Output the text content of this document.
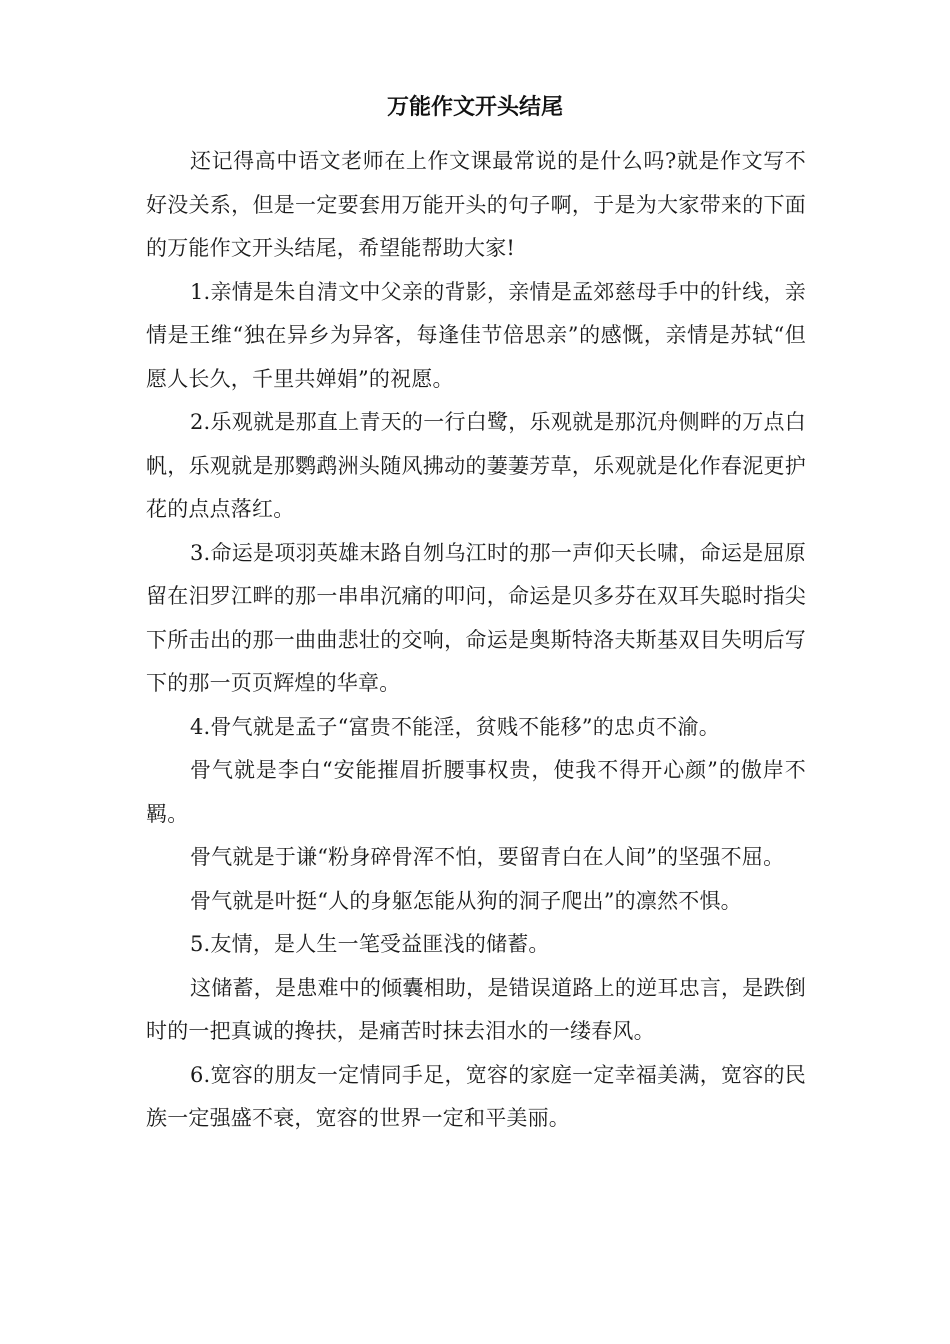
万能作文开头结尾

还记得高中语文老师在上作文课最常说的是什么吗?就是作文写不好没关系，但是一定要套用万能开头的句子啊，于是为大家带来的下面的万能作文开头结尾，希望能帮助大家!

1.亲情是朱自清文中父亲的背影，亲情是孟郊慈母手中的针线，亲情是王维“独在异乡为异客，每逢佳节倍思亲”的感慨，亲情是苏轼“但愿人长久，千里共婵娟”的祝愿。

2.乐观就是那直上青天的一行白鹭，乐观就是那沉舟侧畔的万点白帆，乐观就是那鹦鹉洲头随风拂动的萋萋芳草，乐观就是化作春泥更护花的点点落红。

3.命运是项羽英雄末路自刎乌江时的那一声仰天长啸，命运是屈原留在汨罗江畔的那一串串沉痛的叩问，命运是贝多芬在双耳失聪时指尖下所击出的那一曲曲悲壮的交响，命运是奥斯特洛夫斯基双目失明后写下的那一页页辉煌的华章。

4.骨气就是孟子“富贵不能淫，贫贱不能移”的忠贞不渝。

骨气就是李白“安能摧眉折腰事权贵，使我不得开心颜”的傲岸不羁。

骨气就是于谦“粉身碎骨浑不怕，要留青白在人间”的坚强不屈。

骨气就是叶挺“人的身躯怎能从狗的洞子爬出”的凛然不惧。

5.友情，是人生一笔受益匪浅的储蓄。

这储蓄，是患难中的倾囊相助，是错误道路上的逆耳忠言，是跌倒时的一把真诚的搀扶，是痛苦时抹去泪水的一缕春风。

6.宽容的朋友一定情同手足，宽容的家庭一定幸福美满，宽容的民族一定强盛不衰，宽容的世界一定和平美丽。
